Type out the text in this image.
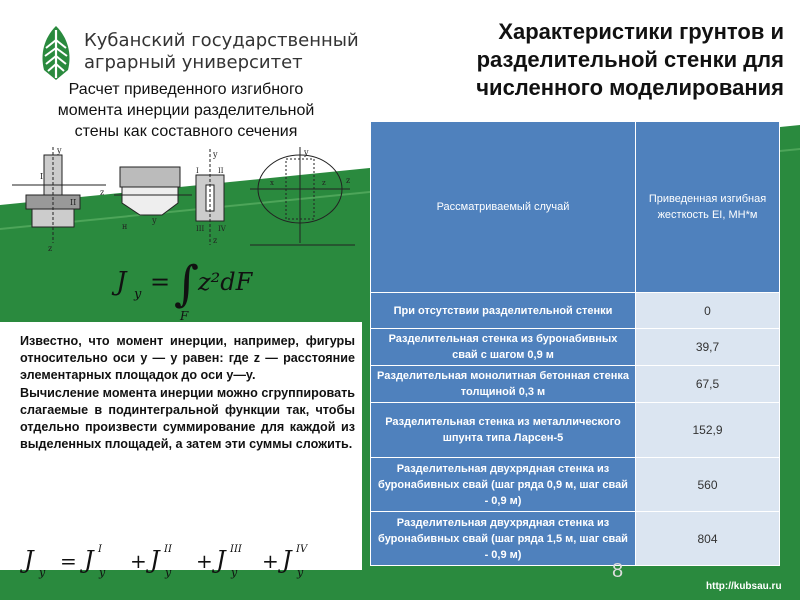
Кубанский государственный
аграрный университет
Характеристики грунтов и разделительной стенки для численного моделирования
Расчет приведенного изгибного момента инерции разделительной стены как составного сечения
y
I
II
z
z
у
н
y
z
I	II
III IV
z
y
z
x
J y = ∫
z²dF
F

Известно, что момент инерции, например, фигуры относительно оси y — y равен: где z — расстояние элементарных площадок до оси y—y.

Вычисление момента инерции можно сгруппировать слагаемые в подинтегральной функции так, чтобы отдельно произвести суммирование для каждой из выделенных площадей, а затем эти суммы сложить.

J y = J I
y + J II
y + J III
y + J IV
y
Рассматриваемый случай	Приведенная изгибная жесткость EI, МН*м
При отсутствии разделительной стенки	0
Разделительная стенка из буронабивных свай с шагом 0,9 м	39,7
Разделительная монолитная бетонная стенка толщиной 0,3 м	67,5
Разделительная стенка из металлического шпунта типа Ларсен-5	152,9
Разделительная двухрядная стенка из буронабивных свай (шаг ряда 0,9 м, шаг свай - 0,9 м)	560
Разделительная двухрядная стенка из буронабивных свай (шаг ряда 1,5 м, шаг свай - 0,9 м)	804
8
http://kubsau.ru
